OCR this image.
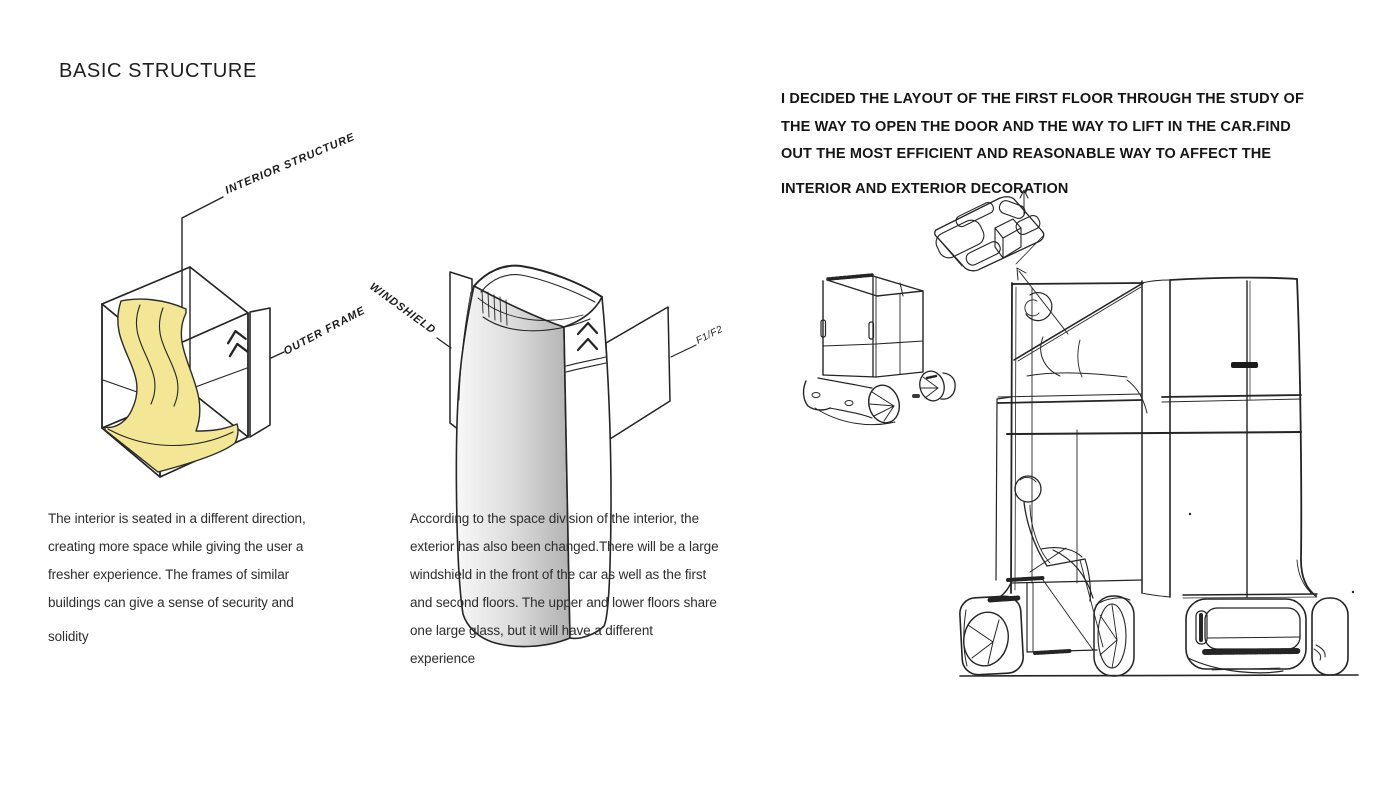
BASIC STRUCTURE
I DECIDED THE LAYOUT OF THE FIRST FLOOR THROUGH THE STUDY OF
THE WAY TO OPEN THE DOOR AND THE WAY TO LIFT IN THE CAR.FIND
OUT THE MOST EFFICIENT AND REASONABLE WAY TO AFFECT THE
INTERIOR AND EXTERIOR DECORATION
INTERIOR STRUCTURE
OUTER FRAME WINDSHIELD	F1/F2
The interior is seated in a different direction,
creating more space while giving the user a
fresher experience. The frames of similar
buildings can give a sense of security and
solidity
According to the space division of the interior, the
exterior has also been changed.There will be a large
windshield in the front of the car as well as the first
and second floors. The upper and lower floors share
one large glass, but it will have a different
experience
